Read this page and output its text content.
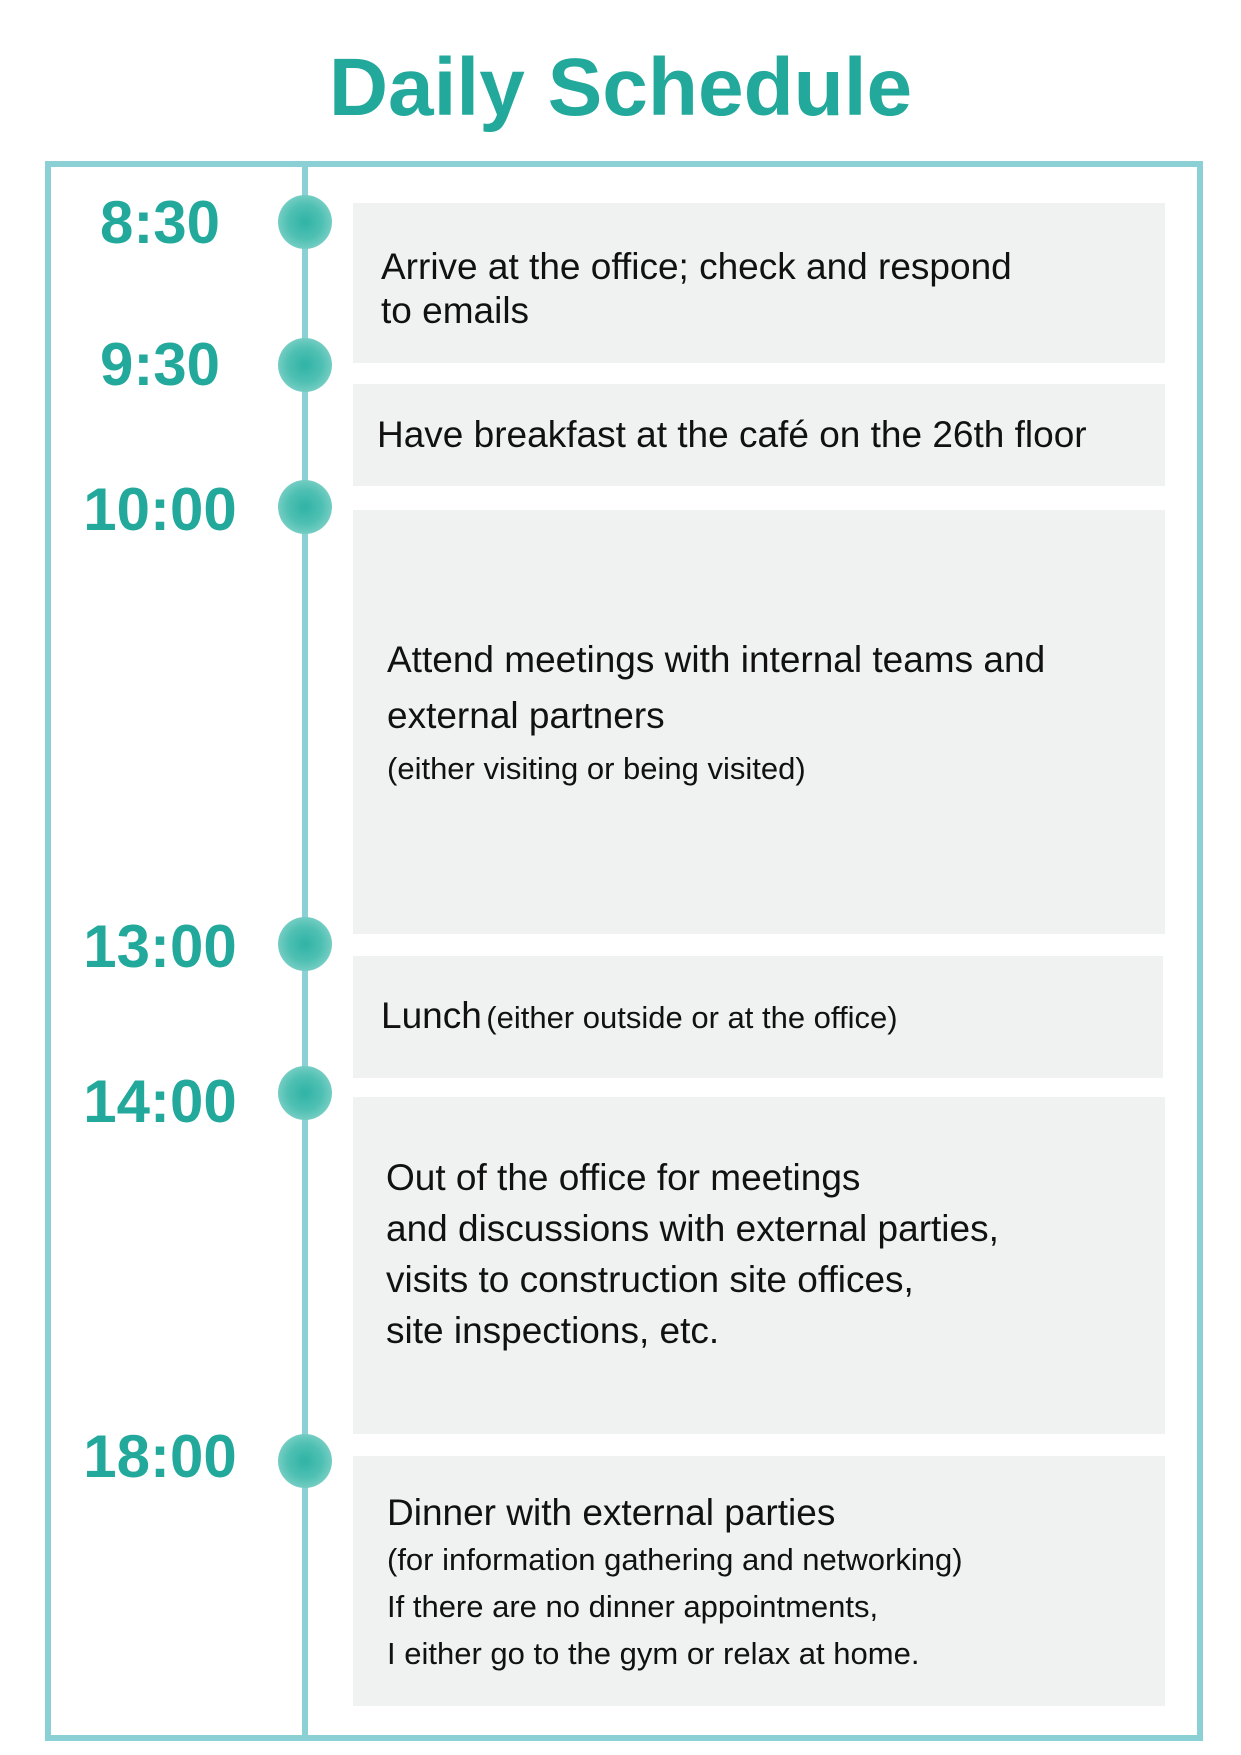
Daily Schedule
8:30
Arrive at the office; check and respond
to emails
9:30
Have breakfast at the café on the 26th floor
10:00
Attend meetings with internal teams and
external partners
(either visiting or being visited)
13:00
Lunch (either outside or at the office)
14:00
Out of the office for meetings
and discussions with external parties,
visits to construction site offices,
site inspections, etc.
18:00
Dinner with external parties
(for information gathering and networking)
If there are no dinner appointments,
I either go to the gym or relax at home.
